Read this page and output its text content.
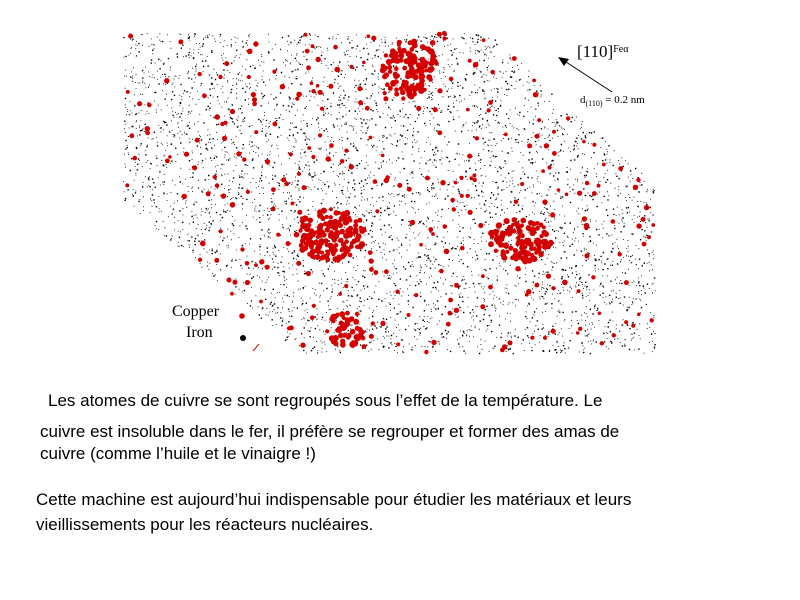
$[110]^{Fe\alpha}$
$d_{(110)} = 0.2$ nm
Copper
Iron
Les atomes de cuivre se sont regroupés sous l’effet de la température. Le
cuivre est insoluble dans le fer, il préfère se regrouper et former des amas de
cuivre (comme l’huile et le vinaigre !)
Cette machine est aujourd’hui indispensable pour étudier les matériaux et leurs
vieillissements pour les réacteurs nucléaires.
